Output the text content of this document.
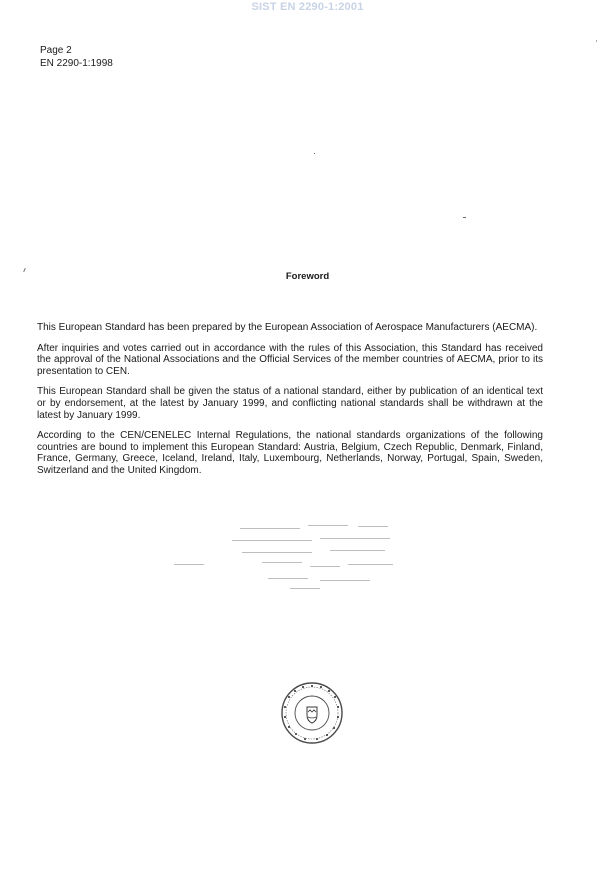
SIST EN 2290-1:2001
Page 2
EN 2290-1:1998
Foreword

This European Standard has been prepared by the European Association of Aerospace Manufacturers (AECMA).

After inquiries and votes carried out in accordance with the rules of this Association, this Standard has received the approval of the National Associations and the Official Services of the member countries of AECMA, prior to its presentation to CEN.

This European Standard shall be given the status of a national standard, either by publication of an identical text or by endorsement, at the latest by January 1999, and conflicting national standards shall be withdrawn at the latest by January 1999.

According to the CEN/CENELEC Internal Regulations, the national standards organizations of the following countries are bound to implement this European Standard: Austria, Belgium, Czech Republic, Denmark, Finland, France, Germany, Greece, Iceland, Ireland, Italy, Luxembourg, Netherlands, Norway, Portugal, Spain, Sweden, Switzerland and the United Kingdom.
